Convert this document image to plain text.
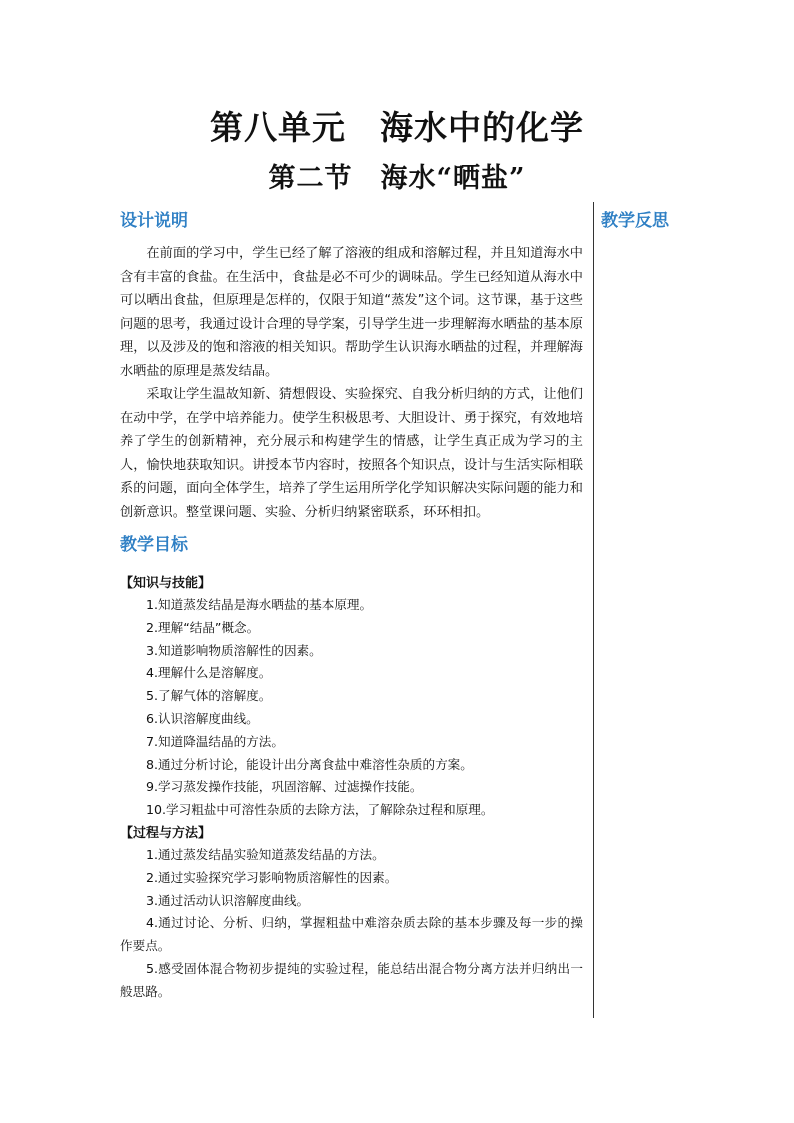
第八单元　海水中的化学
第二节　海水“晒盐”
教学反思
设计说明

在前面的学习中，学生已经了解了溶液的组成和溶解过程，并且知道海水中含有丰富的食盐。在生活中，食盐是必不可少的调味品。学生已经知道从海水中可以晒出食盐，但原理是怎样的，仅限于知道“蒸发”这个词。这节课，基于这些问题的思考，我通过设计合理的导学案，引导学生进一步理解海水晒盐的基本原理，以及涉及的饱和溶液的相关知识。帮助学生认识海水晒盐的过程，并理解海水晒盐的原理是蒸发结晶。

采取让学生温故知新、猜想假设、实验探究、自我分析归纳的方式，让他们在动中学，在学中培养能力。使学生积极思考、大胆设计、勇于探究，有效地培养了学生的创新精神，充分展示和构建学生的情感，让学生真正成为学习的主人，愉快地获取知识。讲授本节内容时，按照各个知识点，设计与生活实际相联系的问题，面向全体学生，培养了学生运用所学化学知识解决实际问题的能力和创新意识。整堂课问题、实验、分析归纳紧密联系，环环相扣。

教学目标
【知识与技能】
1.知道蒸发结晶是海水晒盐的基本原理。
2.理解“结晶”概念。
3.知道影响物质溶解性的因素。
4.理解什么是溶解度。
5.了解气体的溶解度。
6.认识溶解度曲线。
7.知道降温结晶的方法。
8.通过分析讨论，能设计出分离食盐中难溶性杂质的方案。
9.学习蒸发操作技能，巩固溶解、过滤操作技能。
10.学习粗盐中可溶性杂质的去除方法，了解除杂过程和原理。
【过程与方法】
1.通过蒸发结晶实验知道蒸发结晶的方法。
2.通过实验探究学习影响物质溶解性的因素。
3.通过活动认识溶解度曲线。
4.通过讨论、分析、归纳，掌握粗盐中难溶杂质去除的基本步骤及每一步的操作要点。
5.感受固体混合物初步提纯的实验过程，能总结出混合物分离方法并归纳出一般思路。
